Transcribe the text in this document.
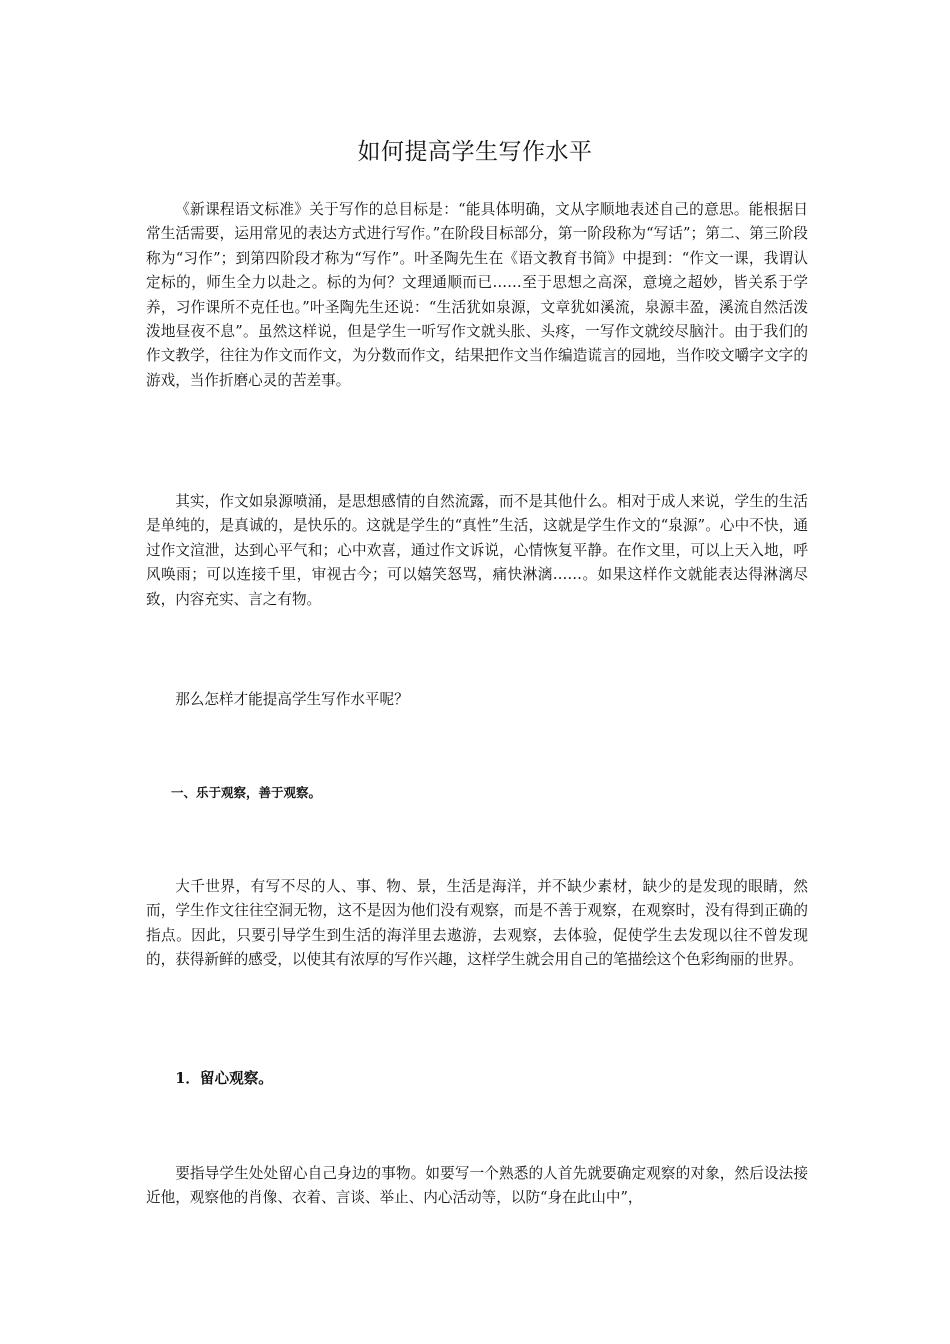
如何提高学生写作水平
《新课程语文标准》关于写作的总目标是：“能具体明确，文从字顺地表述自己的意思。能根据日常生活需要，运用常见的表达方式进行写作。”在阶段目标部分，第一阶段称为“写话”；第二、第三阶段称为“习作”；到第四阶段才称为“写作”。叶圣陶先生在《语文教育书简》中提到：“作文一课，我谓认定标的，师生全力以赴之。标的为何？文理通顺而已……至于思想之高深，意境之超妙，皆关系于学养，习作课所不克任也。”叶圣陶先生还说：“生活犹如泉源，文章犹如溪流，泉源丰盈，溪流自然活泼泼地昼夜不息”。虽然这样说，但是学生一听写作文就头胀、头疼，一写作文就绞尽脑汁。由于我们的作文教学，往往为作文而作文，为分数而作文，结果把作文当作编造谎言的园地，当作咬文嚼字文字的游戏，当作折磨心灵的苦差事。
其实，作文如泉源喷涌，是思想感情的自然流露，而不是其他什么。相对于成人来说，学生的生活是单纯的，是真诚的，是快乐的。这就是学生的“真性”生活，这就是学生作文的“泉源”。心中不快，通过作文渲泄，达到心平气和；心中欢喜，通过作文诉说，心情恢复平静。在作文里，可以上天入地，呼风唤雨；可以连接千里，审视古今；可以嬉笑怒骂，痛快淋漓……。如果这样作文就能表达得淋漓尽致，内容充实、言之有物。
那么怎样才能提高学生写作水平呢？
一、乐于观察，善于观察。
大千世界，有写不尽的人、事、物、景，生活是海洋，并不缺少素材，缺少的是发现的眼睛，然而，学生作文往往空洞无物，这不是因为他们没有观察，而是不善于观察，在观察时，没有得到正确的指点。因此，只要引导学生到生活的海洋里去遨游，去观察，去体验，促使学生去发现以往不曾发现的，获得新鲜的感受，以使其有浓厚的写作兴趣，这样学生就会用自己的笔描绘这个色彩绚丽的世界。
1．留心观察。
要指导学生处处留心自己身边的事物。如要写一个熟悉的人首先就要确定观察的对象，然后设法接近他，观察他的肖像、衣着、言谈、举止、内心活动等，以防“身在此山中”，
